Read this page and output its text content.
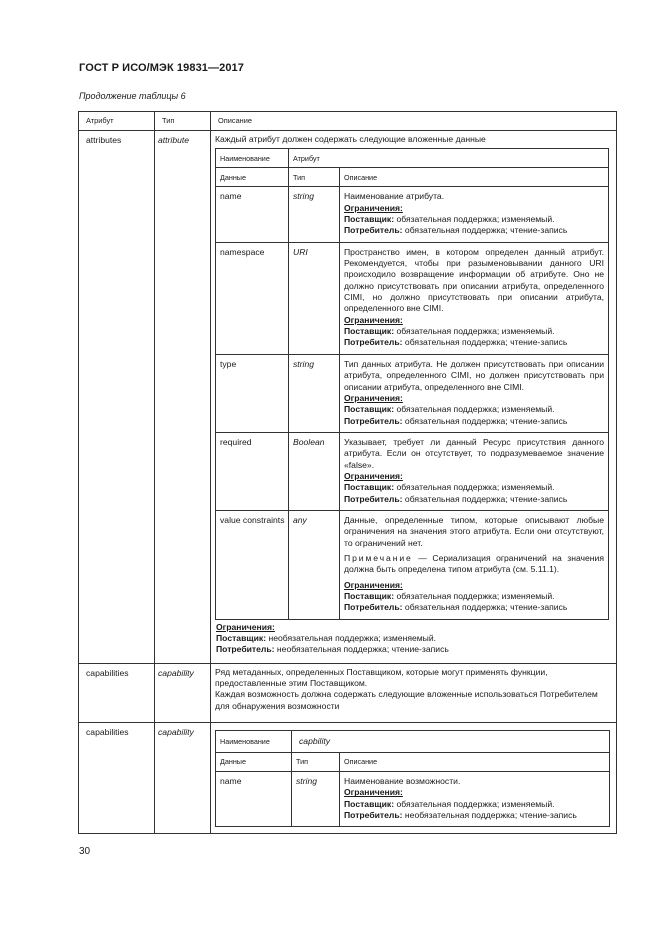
ГОСТ Р ИСО/МЭК 19831—2017
Продолжение таблицы 6
Атрибут	Тип	Описание
attributes	attribute	Каждый атрибут должен содержать следующие вложенные данные
Наименование	Атрибут
Данные	Тип	Описание
name	string	Наименование атрибута.
Ограничения:
Поставщик: обязательная поддержка; изменяемый.
Потребитель: обязательная поддержка; чтение-запись

namespace	URI	Пространство имен, в котором определен данный атрибут. Рекомендуется, чтобы при разыменовывании данного URI происходило возвращение информации об атрибуте. Оно не должно присутствовать при описании атрибута, определенного CIMI, но должно присутствовать при описании атрибута, определенного вне CIMI.
Ограничения:
Поставщик: обязательная поддержка; изменяемый.
Потребитель: обязательная поддержка; чтение-запись

type	string	Тип данных атрибута. Не должен присутствовать при описании атрибута, определенного CIMI, но должен присутствовать при описании атрибута, определенного вне CIMI.
Ограничения:
Поставщик: обязательная поддержка; изменяемый.
Потребитель: обязательная поддержка; чтение-запись

required	Boolean	Указывает, требует ли данный Ресурс присутствия данного атрибута. Если он отсутствует, то подразумеваемое значение «false».
Ограничения:
Поставщик: обязательная поддержка; изменяемый.
Потребитель: обязательная поддержка; чтение-запись

value constraints	any	Данные, определенные типом, которые описывают любые ограничения на значения этого атрибута. Если они отсутствуют, то ограничений нет.
Примечание — Сериализация ограничений на значения должна быть определена типом атрибута (см. 5.11.1).
Ограничения:
Поставщик: обязательная поддержка; изменяемый.
Потребитель: обязательная поддержка; чтение-запись
Ограничения:
Поставщик: необязательная поддержка; изменяемый.
Потребитель: необязательная поддержка; чтение-запись

capabilities	capability	Ряд метаданных, определенных Поставщиком, которые могут применять функции, предоставленные этим Поставщиком.
Каждая возможность должна содержать следующие вложенные использоваться Потребителем для обнаружения возможности

capabilities	capability	
Наименование	capbility
Данные	Тип	Описание
name	string	Наименование возможности.
Ограничения:
Поставщик: обязательная поддержка; изменяемый.
Потребитель: необязательная поддержка; чтение-запись
30
